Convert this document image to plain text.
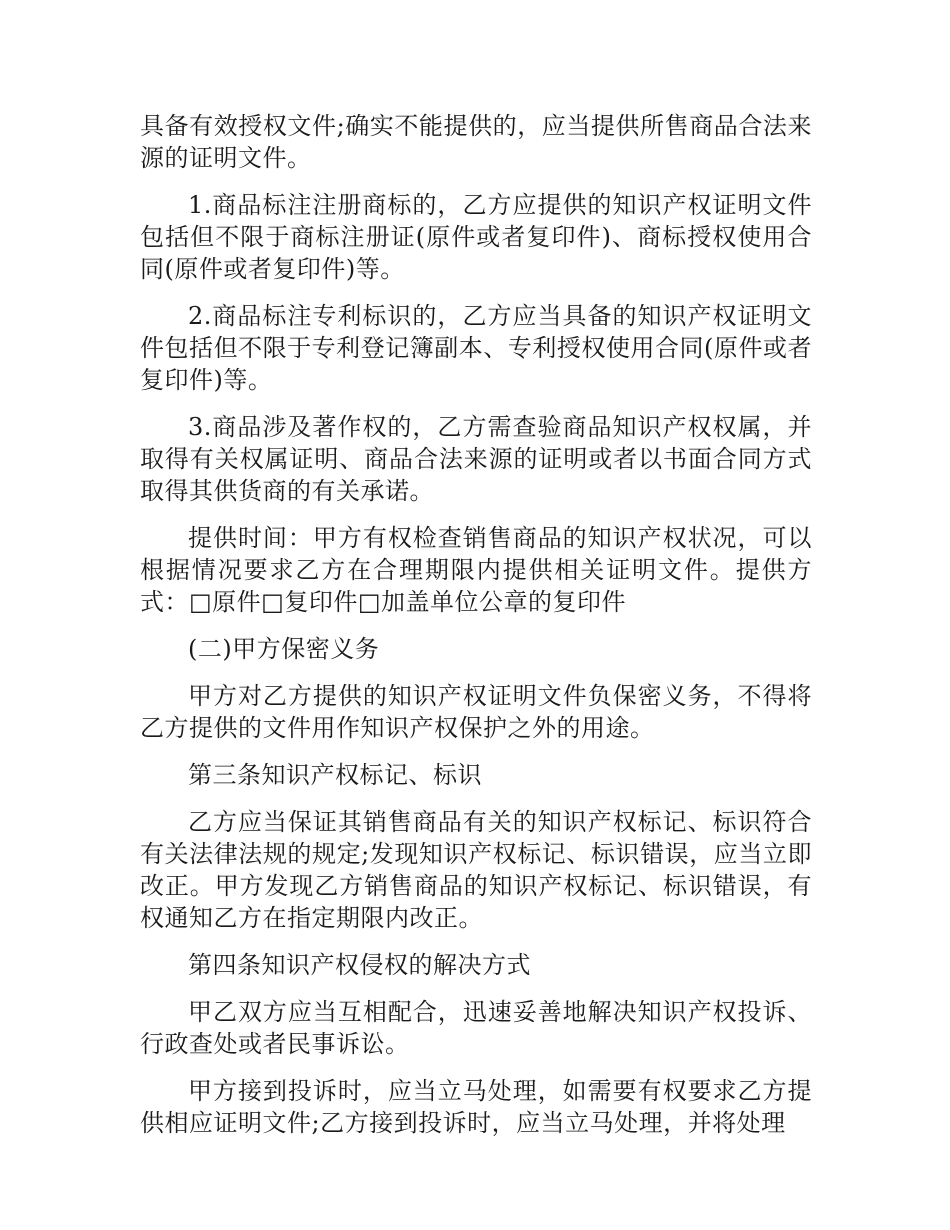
具备有效授权文件;确实不能提供的，应当提供所售商品合法来源的证明文件。

1.商品标注注册商标的，乙方应提供的知识产权证明文件包括但不限于商标注册证(原件或者复印件)、商标授权使用合同(原件或者复印件)等。

2.商品标注专利标识的，乙方应当具备的知识产权证明文件包括但不限于专利登记簿副本、专利授权使用合同(原件或者复印件)等。

3.商品涉及著作权的，乙方需查验商品知识产权权属，并取得有关权属证明、商品合法来源的证明或者以书面合同方式取得其供货商的有关承诺。

提供时间：甲方有权检查销售商品的知识产权状况，可以根据情况要求乙方在合理期限内提供相关证明文件。提供方式：□原件□复印件□加盖单位公章的复印件

(二)甲方保密义务

甲方对乙方提供的知识产权证明文件负保密义务，不得将乙方提供的文件用作知识产权保护之外的用途。

第三条知识产权标记、标识

乙方应当保证其销售商品有关的知识产权标记、标识符合有关法律法规的规定;发现知识产权标记、标识错误，应当立即改正。甲方发现乙方销售商品的知识产权标记、标识错误，有权通知乙方在指定期限内改正。

第四条知识产权侵权的解决方式

甲乙双方应当互相配合，迅速妥善地解决知识产权投诉、行政查处或者民事诉讼。

甲方接到投诉时，应当立马处理，如需要有权要求乙方提供相应证明文件;乙方接到投诉时，应当立马处理，并将处理
